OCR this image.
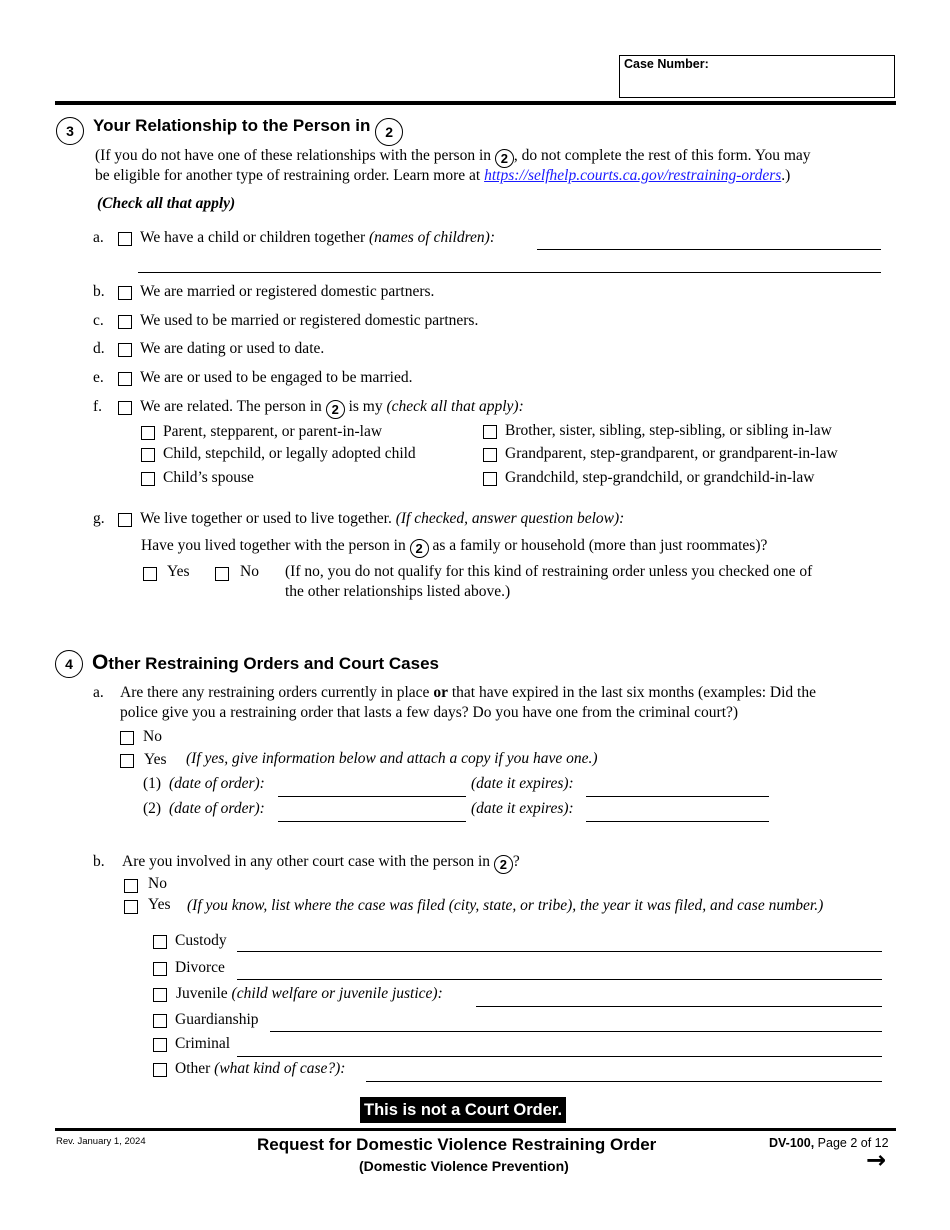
Case Number:
3	Your Relationship to the Person in 2
(If you do not have one of these relationships with the person in 2 , do not complete the rest of this form. You may
be eligible for another type of restraining order. Learn more at https://selfhelp.courts.ca.gov/restraining-orders.)
(Check all that apply)
a. We have a child or children together (names of children):
b. We are married or registered domestic partners.
c. We used to be married or registered domestic partners.
d. We are dating or used to date.
e. We are or used to be engaged to be married.
f. We are related. The person in 2 is my (check all that apply):
Parent, stepparent, or parent-in-law
Child, stepchild, or legally adopted child
Child’s spouse
Brother, sister, sibling, step-sibling, or sibling in-law
Grandparent, step-grandparent, or grandparent-in-law
Grandchild, step-grandchild, or grandchild-in-law
g. We live together or used to live together. (If checked, answer question below):
Have you lived together with the person in 2 as a family or household (more than just roommates)?
Yes	No (If no, you do not qualify for this kind of restraining order unless you checked one of
the other relationships listed above.)
4 Other Restraining Orders and Court Cases
a. Are there any restraining orders currently in place or that have expired in the last six months (examples: Did the
police give you a restraining order that lasts a few days? Do you have one from the criminal court?)
No
Yes (If yes, give information below and attach a copy if you have one.)
(1) (date of order):	(date it expires):
(2) (date of order):	(date it expires):
b. Are you involved in any other court case with the person in 2 ?
No
Yes (If you know, list where the case was filed (city, state, or tribe), the year it was filed, and case number.)
Custody
Divorce
Juvenile (child welfare or juvenile justice):
Guardianship
Criminal
Other (what kind of case?):
This is not a Court Order.
Rev. January 1, 2024	Request for Domestic Violence Restraining Order
(Domestic Violence Prevention)
DV-100, Page 2 of 12
→
